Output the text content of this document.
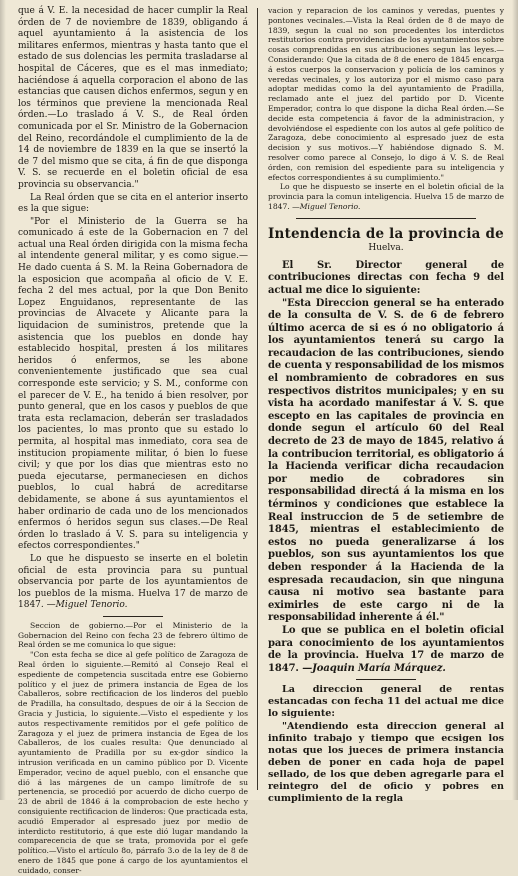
que á V. E. la necesidad de hacer cumplir la Real órden de 7 de noviembre de 1839, obligando á aquel ayuntamiento á la asistencia de los militares enfermos, mientras y hasta tanto que el estado de sus dolencias les permita trasladarse al hospital de Cáceres, que es el mas inmediato; haciéndose á aquella corporacion el abono de las estancias que causen dichos enfermos, segun y en los términos que previene la mencionada Real órden.—Lo traslado á V. S., de Real órden comunicada por el Sr. Ministro de la Gobernacion del Reino, recordándole el cumplimiento de la de 14 de noviembre de 1839 en la que se insertó la de 7 del mismo que se cita, á fin de que disponga V. S. se recuerde en el boletin oficial de esa provincia su observancia."

La Real órden que se cita en el anterior inserto es la que sigue:

"Por el Ministerio de la Guerra se ha comunicado á este de la Gobernacion en 7 del actual una Real órden dirigida con la misma fecha al intendente general militar, y es como sigue.—He dado cuenta á S. M. la Reina Gobernadora de la esposicion que acompaña al oficio de V. E. fecha 2 del mes actual, por la que Don Benito Lopez Enguidanos, representante de las provincias de Alvacete y Alicante para la liquidacion de suministros, pretende que la asistencia que los pueblos en donde hay establecido hospital, presten á los militares heridos ó enfermos, se les abone convenientemente justificado que sea cual corresponde este servicio; y S. M., conforme con el parecer de V. E., ha tenido á bien resolver, por punto general, que en los casos y pueblos de que trata esta reclamacion, deberán ser trasladados los pacientes, lo mas pronto que su estado lo permita, al hospital mas inmediato, cora sea de institucion propiamente militar, ó bien lo fuese civil; y que por los dias que mientras esto no pueda ejecutarse, permaneciesen en dichos pueblos, lo cual habrá de acreditarse debidamente, se abone á sus ayuntamientos el haber ordinario de cada uno de los mencionados enfermos ó heridos segun sus clases.—De Real órden lo traslado á V. S. para su inteligencia y efectos correspondientes."

Lo que he dispuesto se inserte en el boletin oficial de esta provincia para su puntual observancia por parte de los ayuntamientos de los pueblos de la misma. Huelva 17 de marzo de 1847. —Miguel Tenorio.

Seccion de gobierno.—Por el Ministerio de la Gobernacion del Reino con fecha 23 de febrero último de Real órden se me comunica lo que sigue:

"Con esta fecha se dice al gefe político de Zaragoza de Real órden lo siguiente.—Remitó al Consejo Real el espediente de competencia suscitada entre ese Gobierno político y el juez de primera instancia de Egea de los Caballeros, sobre rectificacion de los linderos del pueblo de Pradilla, ha consultado, despues de oir á la Seccion de Gracia y Justicia, lo siguiente.—Visto el espediente y los autos respectivamente remitidos por el gefe político de Zaragoza y el juez de primera instancia de Egea de los Caballeros, de los cuales resulta: Que denunciado al ayuntamiento de Pradilla por su ex-gdor síndico la intrusion verificada en un camino público por D. Vicente Emperador, vecino de aquel pueblo, con el ensanche que dió á las márgenes de un campo limítrofe de su pertenencia, se procedió por acuerdo de dicho cuerpo de 23 de abril de 1846 á la comprobacion de este hecho y consiguiente rectificacion de linderos: Que practicada esta, acudió Emperador al espresado juez por medio de interdicto restitutorio, á que este dió lugar mandando la comparecencia de que se trata, promovida por el gefe político.—Visto el artículo 8o, párrafo 3.o de la ley de 8 de enero de 1845 que pone á cargo de los ayuntamientos el cuidado, conser-

vacion y reparacion de los caminos y veredas, puentes y pontones vecinales.—Vista la Real órden de 8 de mayo de 1839, segun la cual no son procedentes los interdictos restitutorios contra providencias de los ayuntamientos sobre cosas comprendidas en sus atribuciones segun las leyes.—Considerando: Que la citada de 8 de enero de 1845 encarga á estos cuerpos la conservacion y policía de los caminos y veredas vecinales, y los autoriza por el mismo caso para adoptar medidas como la del ayuntamiento de Pradilla, reclamado ante el juez del partido por D. Vicente Emperador, contra lo que dispone la dicha Real órden.—Se decide esta competencia á favor de la administracion, y devolviéndose el espediente con los autos al gefe político de Zaragoza, debe conocimiento al espresado juez de esta decision y sus motivos.—Y habiéndose dignado S. M. resolver como parece al Consejo, lo digo á V. S. de Real órden, con remision del espediente para su inteligencia y efectos correspondientes á su cumplimiento."

Lo que he dispuesto se inserte en el boletin oficial de la provincia para la comun inteligencia. Huelva 15 de marzo de 1847. —Miguel Tenorio.

Intendencia de la provincia de
Huelva.

El Sr. Director general de contribuciones directas con fecha 9 del actual me dice lo siguiente:

"Esta Direccion general se ha enterado de la consulta de V. S. de 6 de febrero último acerca de si es ó no obligatorio á los ayuntamientos tenerá su cargo la recaudacion de las contribuciones, siendo de cuenta y responsabilidad de los mismos el nombramiento de cobradores en sus respectivos distritos municipales; y en su vista ha acordado manifestar á V. S. que escepto en las capitales de provincia en donde segun el artículo 60 del Real decreto de 23 de mayo de 1845, relativo á la contribucion territorial, es obligatorio á la Hacienda verificar dicha recaudacion por medio de cobradores sin responsabilidad directá á la misma en los términos y condiciones que establece la Real instruccion de 5 de setiembre de 1845, mientras el establecimiento de estos no pueda generalizarse á los pueblos, son sus ayuntamientos los que deben responder á la Hacienda de la espresada recaudacion, sin que ninguna causa ni motivo sea bastante para eximirles de este cargo ni de la responsabilidad inherente á él."

Lo que se publica en el boletin oficial para conocimiento de los ayuntamientos de la provincia. Huelva 17 de marzo de 1847. —Joaquin María Márquez.

La direccion general de rentas estancadas con fecha 11 del actual me dice lo siguiente:

"Atendiendo esta direccion general al infinito trabajo y tiempo que ecsigen los notas que los jueces de primera instancia deben de poner en cada hoja de papel sellado, de los que deben agregarle para el reintegro del de oficio y pobres en cumplimiento de la regla
